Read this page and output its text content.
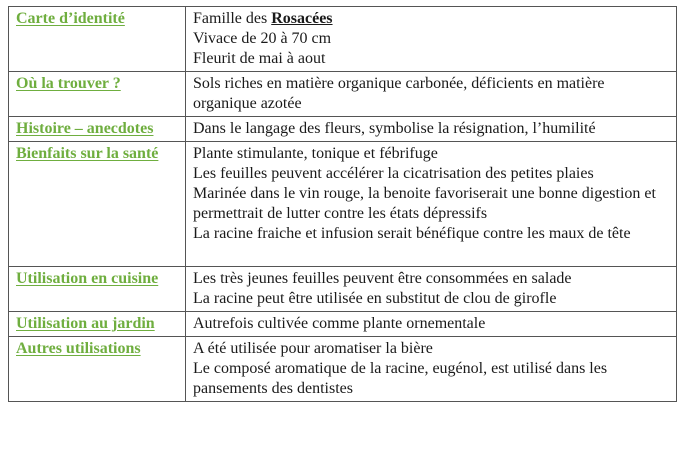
Carte d’identité	Famille des Rosacées
Vivace de 20 à 70 cm
Fleurit de mai à aout

Où la trouver ?	Sols riches en matière organique carbonée, déficients en matière organique azotée

Histoire – anecdotes	Dans le langage des fleurs, symbolise la résignation, l’humilité

Bienfaits sur la santé	Plante stimulante, tonique et fébrifuge
Les feuilles peuvent accélérer la cicatrisation des petites plaies
Marinée dans le vin rouge, la benoite favoriserait une bonne digestion et permettrait de lutter contre les états dépressifs
La racine fraiche et infusion serait bénéfique contre les maux de tête

Utilisation en cuisine	Les très jeunes feuilles peuvent être consommées en salade
La racine peut être utilisée en substitut de clou de girofle

Utilisation au jardin	Autrefois cultivée comme plante ornementale

Autres utilisations	A été utilisée pour aromatiser la bière
Le composé aromatique de la racine, eugénol, est utilisé dans les pansements des dentistes
